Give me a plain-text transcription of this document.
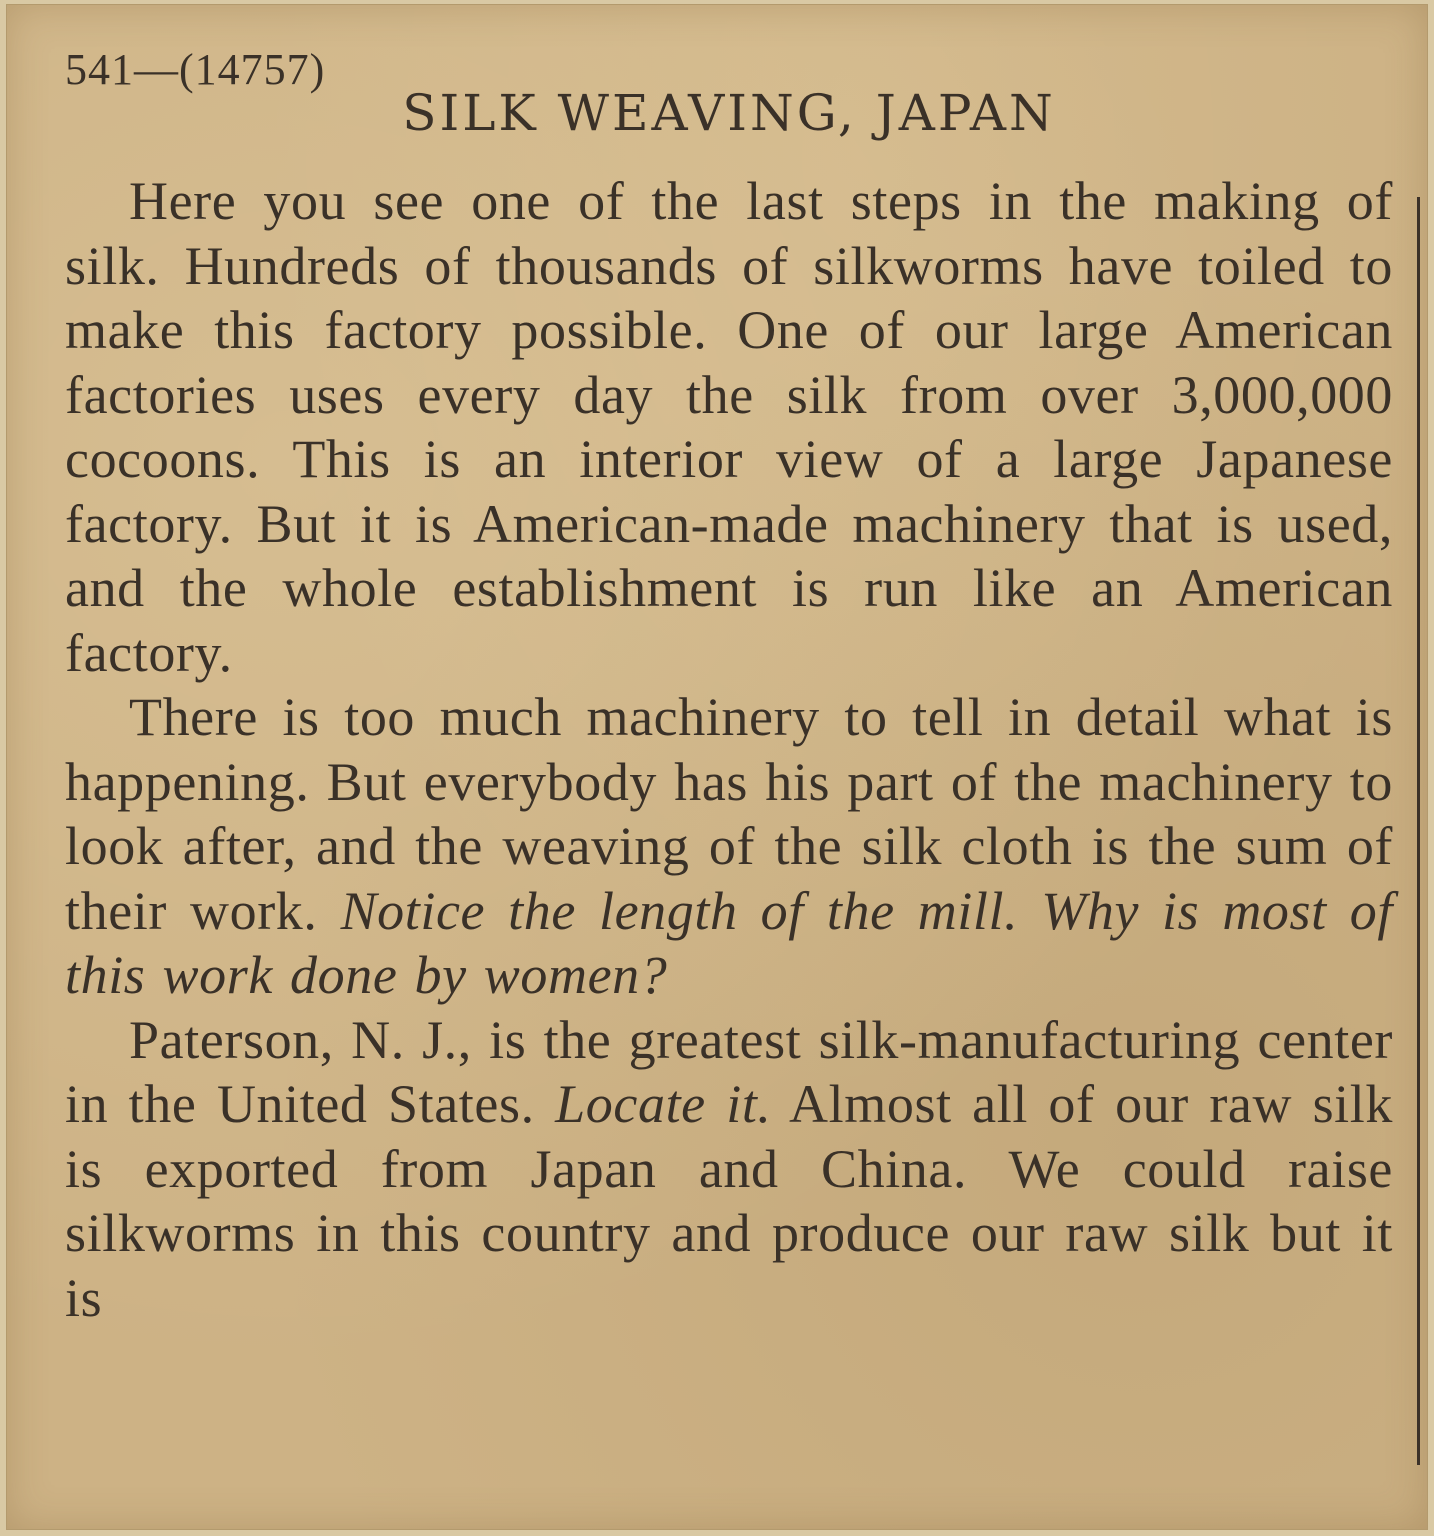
541—(14757)

SILK WEAVING, JAPAN

Here you see one of the last steps in the making of silk. Hundreds of thousands of silkworms have toiled to make this factory possible. One of our large American factories uses every day the silk from over 3,000,000 cocoons. This is an interior view of a large Japanese factory. But it is American-made machinery that is used, and the whole establishment is run like an American factory.

There is too much machinery to tell in detail what is happening. But everybody has his part of the machinery to look after, and the weaving of the silk cloth is the sum of their work. Notice the length of the mill. Why is most of this work done by women?

Paterson, N. J., is the greatest silk-manufacturing center in the United States. Locate it. Almost all of our raw silk is exported from Japan and China. We could raise silkworms in this country and produce our raw silk but it is
